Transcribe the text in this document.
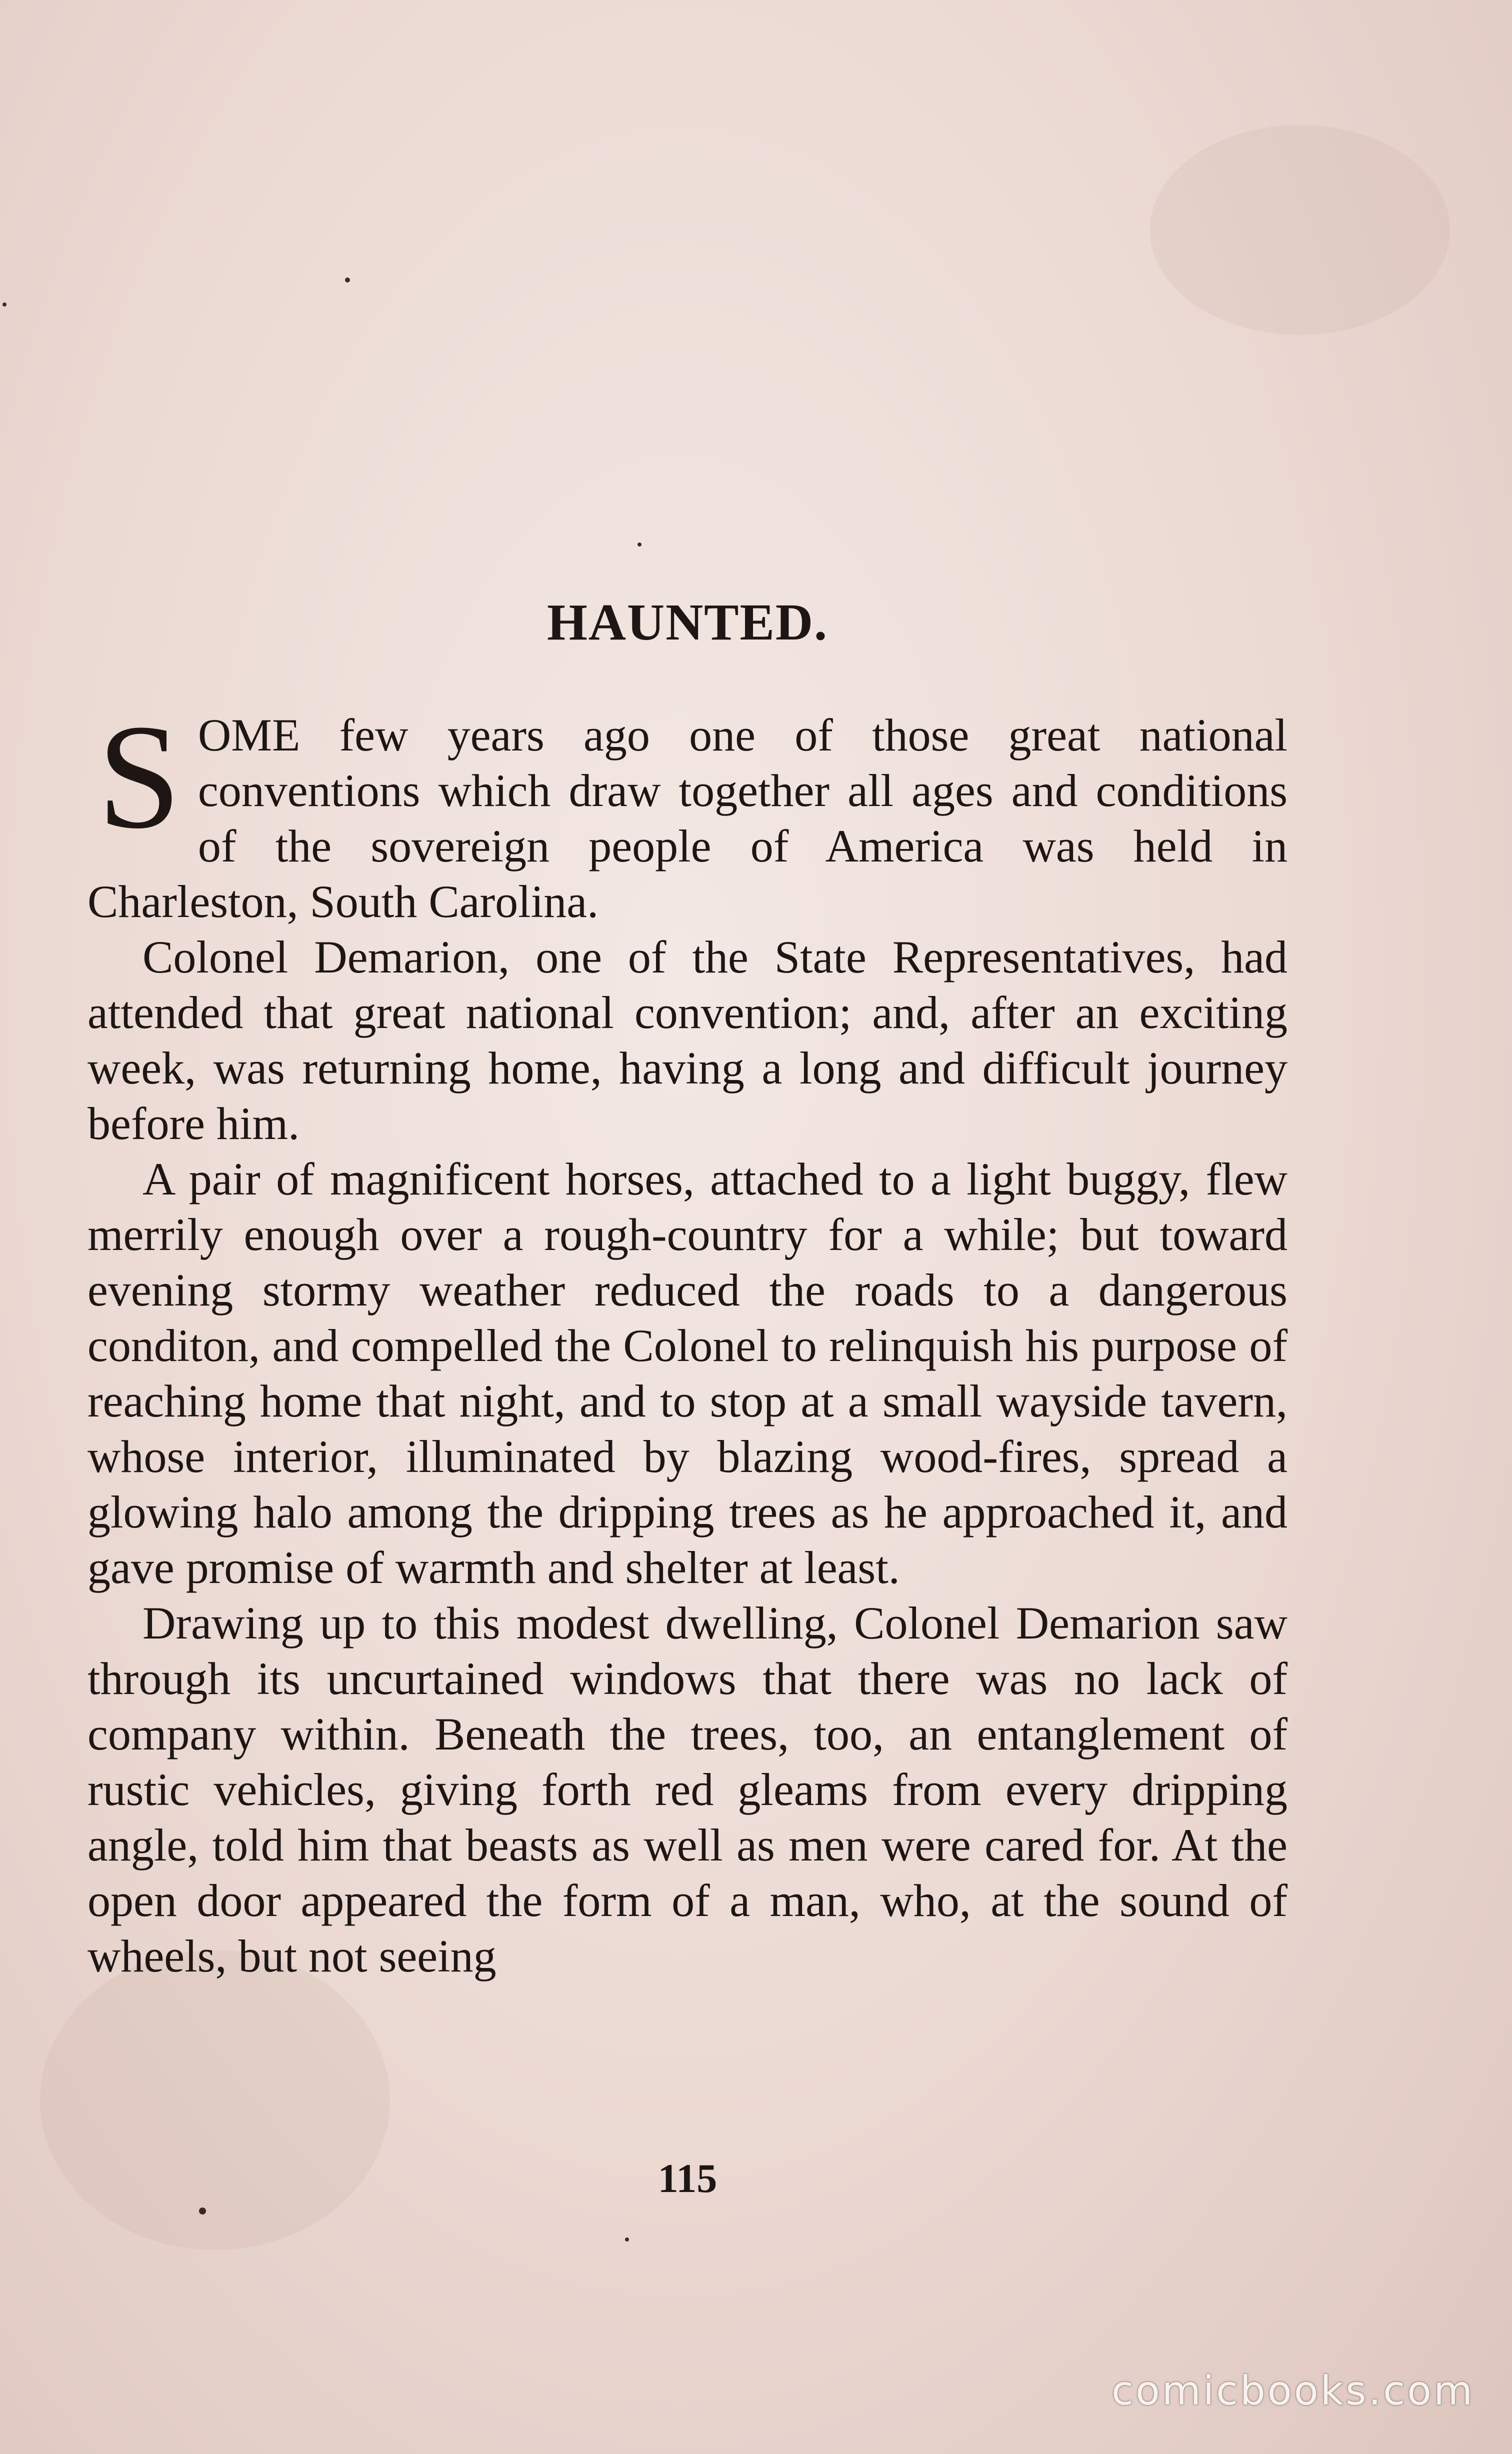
HAUNTED.

SOME few years ago one of those great national conventions which draw together all ages and conditions of the sovereign people of America was held in Charleston, South Carolina.

Colonel Demarion, one of the State Representatives, had attended that great national convention; and, after an exciting week, was returning home, having a long and difficult journey before him.

A pair of magnificent horses, attached to a light buggy, flew merrily enough over a rough-country for a while; but toward evening stormy weather reduced the roads to a dangerous conditon, and compelled the Colonel to relinquish his purpose of reaching home that night, and to stop at a small wayside tavern, whose interior, illuminated by blazing wood-fires, spread a glowing halo among the dripping trees as he approached it, and gave promise of warmth and shelter at least.

Drawing up to this modest dwelling, Colonel Demarion saw through its uncurtained windows that there was no lack of company within. Beneath the trees, too, an entanglement of rustic vehicles, giving forth red gleams from every dripping angle, told him that beasts as well as men were cared for. At the open door appeared the form of a man, who, at the sound of wheels, but not seeing

115

comicbooks.com
